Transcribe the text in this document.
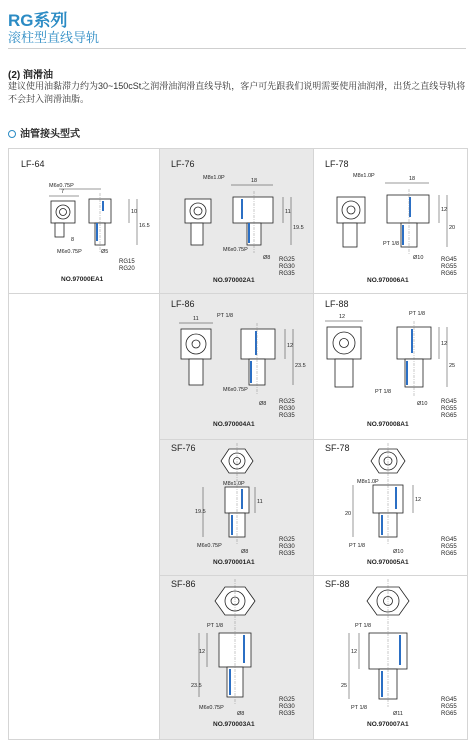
RG系列
滚柱型直线导轨
(2) 润滑油
建议使用油黏滞力约为30~150cSt之润滑油润滑直线导轨，客户可先跟我们说明需要使用油润滑，出货之直线导轨将不会封入润滑油脂。
油管接头型式
LF-64
7
M6x0.75P
10
16.5
8
M6x0.75P	Ø5
RG15
RG20
NO.97000EA1
LF-76
18
M8x1.0P
11
19.5
M6x0.75P
Ø8 RG25
RG30
RG35
NO.970002A1
LF-78
18
M8x1.0P
12
20
PT 1/8
Ø10	RG45
RG55
RG65
NO.970006A1
LF-86
PT 1/8
11
12
23.5
M6x0.75P
Ø8 RG25
RG30
RG35
NO.970004A1
LF-88
PT 1/8
12
12
25
PT 1/8
Ø10 RG45
RG55
RG65
NO.970008A1
SF-76
M8x1.0P
19.5
11
M6x0.75P
Ø8
RG25
RG30
RG35
NO.970001A1
SF-78
M8x1.0P
20
12
PT 1/8
Ø10
RG45
RG55
RG65
NO.970005A1
SF-86
PT 1/8
12
23.5
M6x0.75P
Ø8
RG25
RG30
RG35
NO.970003A1
SF-88
PT 1/8
12
25
PT 1/8
Ø11
RG45
RG55
RG65
NO.970007A1
